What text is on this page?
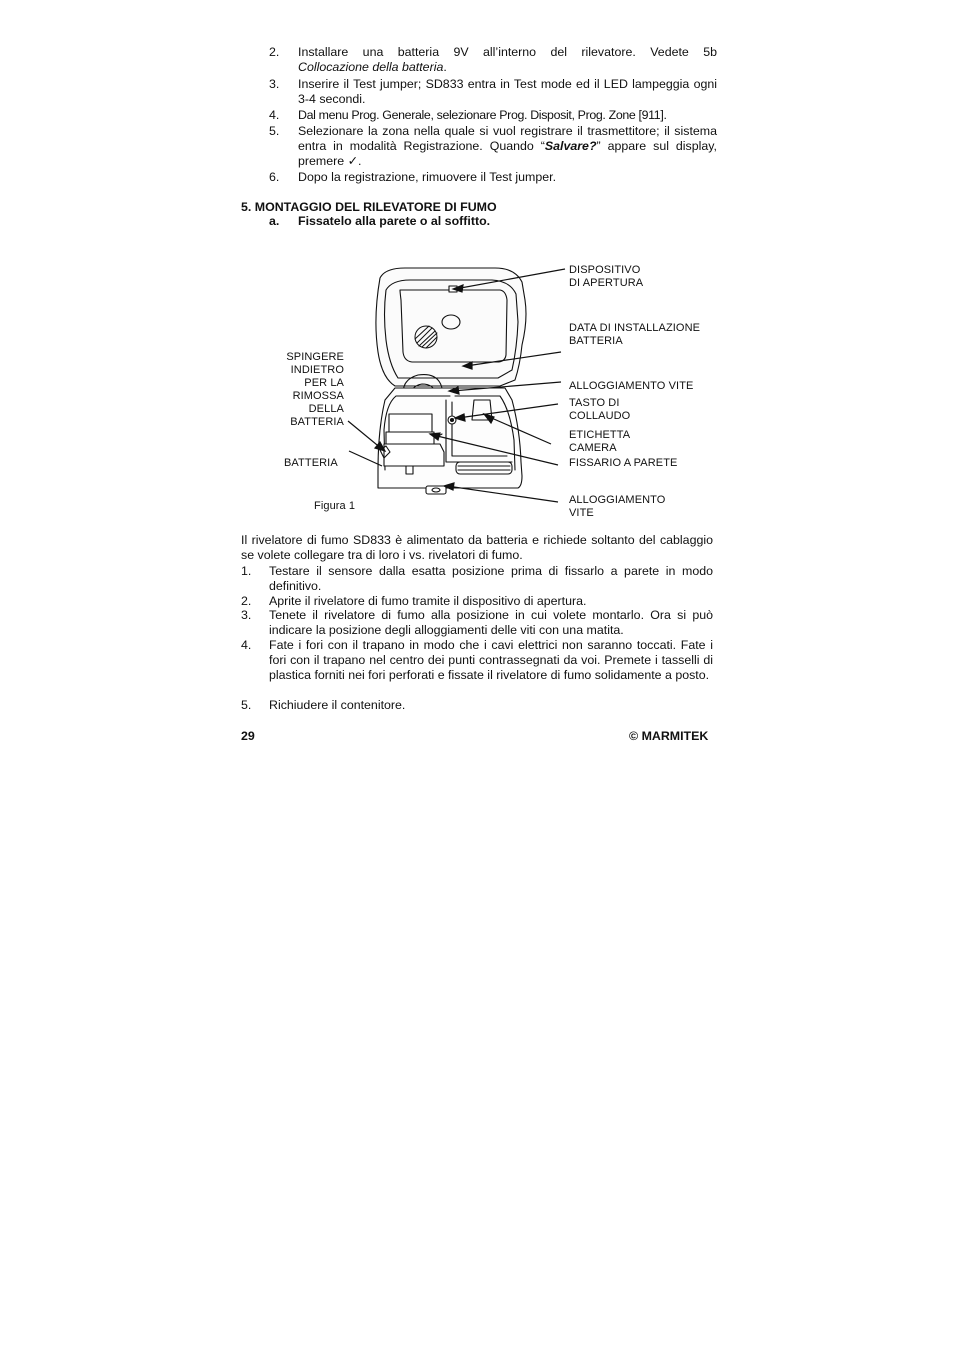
2. Installare una batteria 9V all’interno del rilevatore. Vedete 5b
Collocazione della batteria.
3. Inserire il Test jumper; SD833 entra in Test mode ed il LED lampeggia ogni 3-4 secondi.
4. Dal menu Prog. Generale, selezionare Prog. Disposit, Prog. Zone [911].
5. Selezionare la zona nella quale si vuol registrare il trasmettitore; il sistema entra in modalità Registrazione. Quando “Salvare?” appare sul display, premere ✓.
6. Dopo la registrazione, rimuovere il Test jumper.
5. MONTAGGIO DEL RILEVATORE DI FUMO
a. Fissatelo alla parete o al soffitto.
DISPOSITIVO
DI APERTURA
DATA DI INSTALLAZIONE
BATTERIA
ALLOGGIAMENTO VITE
TASTO DI
COLLAUDO
ETICHETTA
CAMERA
FISSARIO A PARETE
ALLOGGIAMENTO
VITE
SPINGERE
INDIETRO
PER LA
RIMOSSA
DELLA
BATTERIA
BATTERIA
Figura 1
Il rivelatore di fumo SD833 è alimentato da batteria e richiede soltanto del cablaggio se volete collegare tra di loro i vs. rivelatori di fumo.
1. Testare il sensore dalla esatta posizione prima di fissarlo a parete in modo definitivo.
2. Aprite il rivelatore di fumo tramite il dispositivo di apertura.
3. Tenete il rivelatore di fumo alla posizione in cui volete montarlo. Ora si può indicare la posizione degli alloggiamenti delle viti con una matita.
4. Fate i fori con il trapano in modo che i cavi elettrici non saranno toccati. Fate i fori con il trapano nel centro dei punti contrassegnati da voi. Premete i tasselli di plastica forniti nei fori perforati e fissate il rivelatore di fumo solidamente a posto.
5. Richiudere il contenitore.
29	© MARMITEK
